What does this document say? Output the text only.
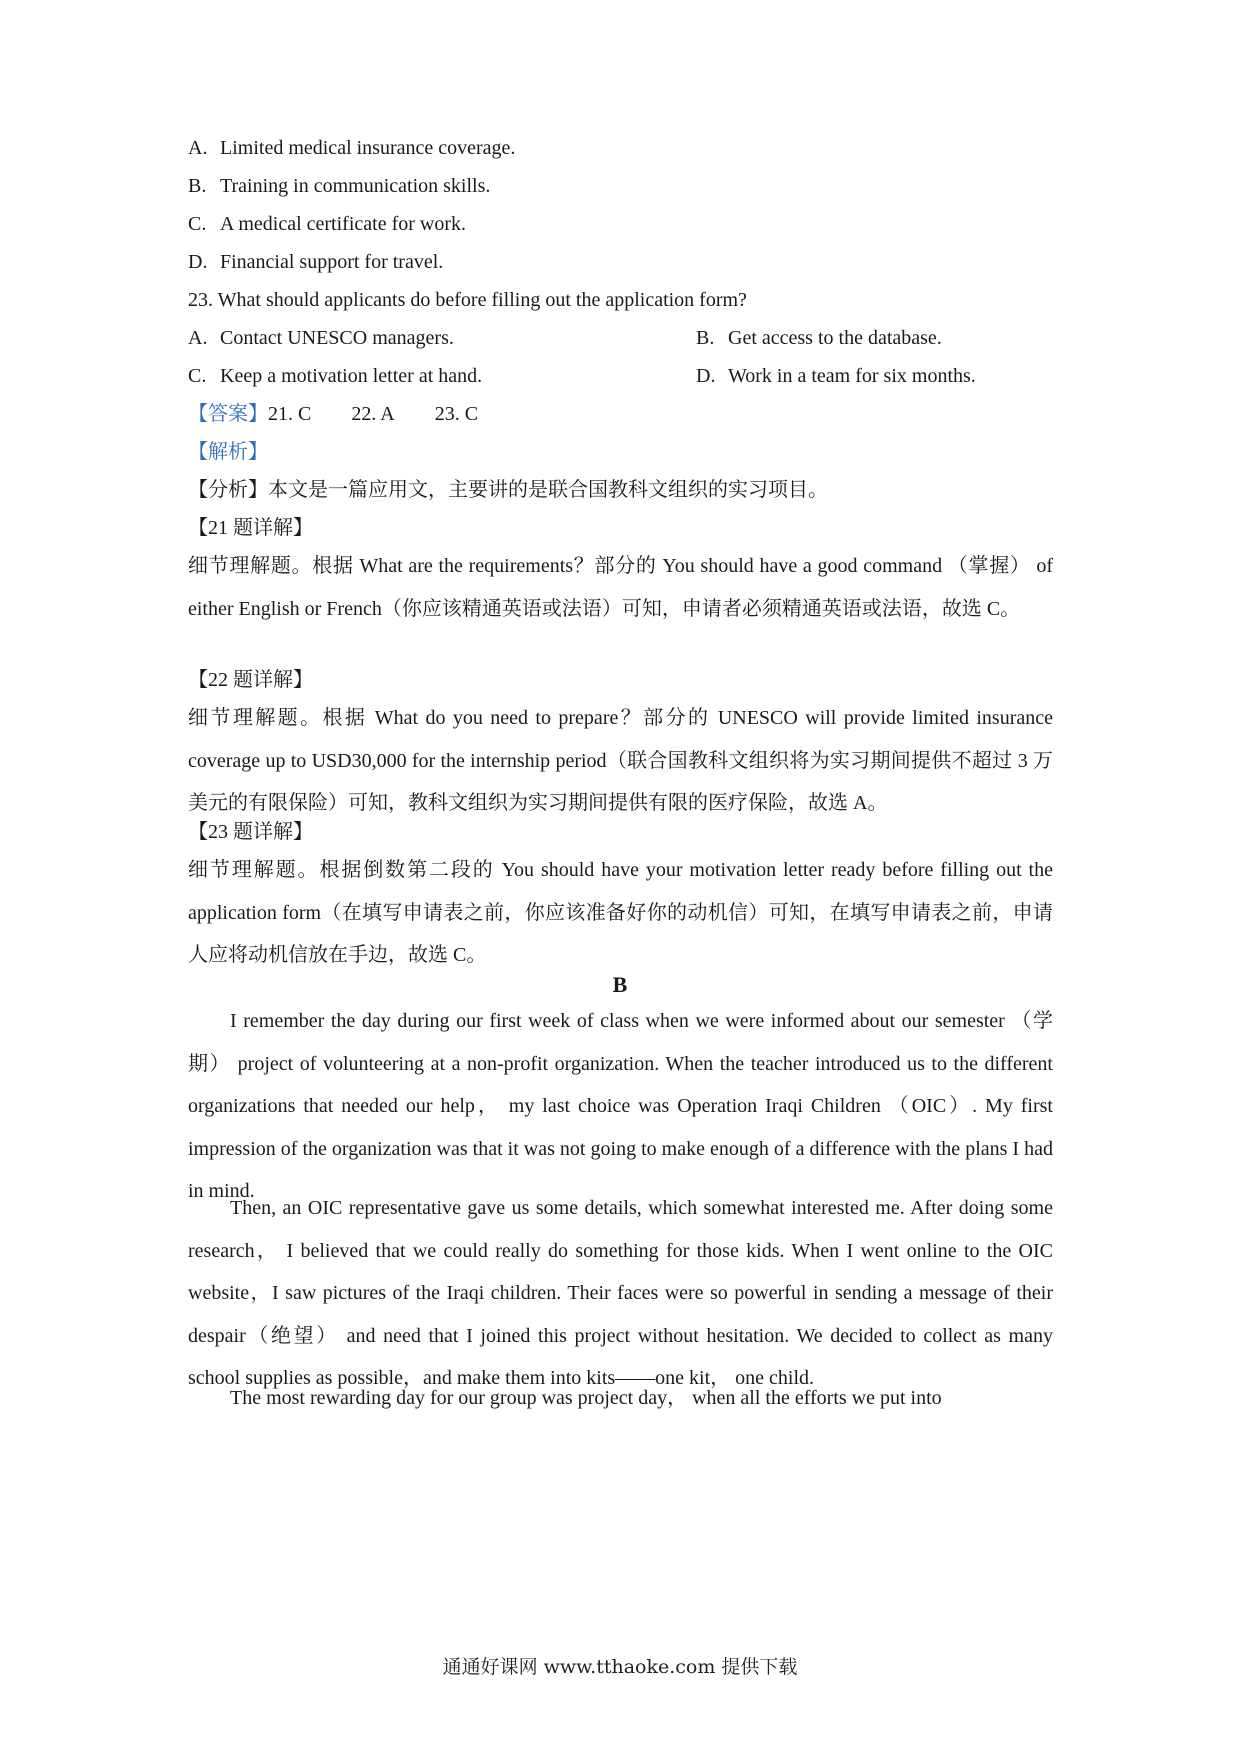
A. Limited medical insurance coverage.
B. Training in communication skills.
C. A medical certificate for work.
D. Financial support for travel.
23. What should applicants do before filling out the application form?
A. Contact UNESCO managers.	B. Get access to the database.
C. Keep a motivation letter at hand.	D. Work in a team for six months.
【答案】21. C 22. A 23. C
【解析】
【分析】本文是一篇应用文，主要讲的是联合国教科文组织的实习项目。
【21 题详解】
细节理解题。根据 What are the requirements？部分的 You should have a good command （掌握） of either English or French（你应该精通英语或法语）可知，申请者必须精通英语或法语，故选 C。
【22 题详解】
细节理解题。根据 What do you need to prepare？部分的 UNESCO will provide limited insurance coverage up to USD30,000 for the internship period（联合国教科文组织将为实习期间提供不超过 3 万美元的有限保险）可知，教科文组织为实习期间提供有限的医疗保险，故选 A。
【23 题详解】
细节理解题。根据倒数第二段的 You should have your motivation letter ready before filling out the application form（在填写申请表之前，你应该准备好你的动机信）可知，在填写申请表之前，申请人应将动机信放在手边，故选 C。
B
I remember the day during our first week of class when we were informed about our semester （学期） project of volunteering at a non-profit organization. When the teacher introduced us to the different organizations that needed our help， my last choice was Operation Iraqi Children （OIC）. My first impression of the organization was that it was not going to make enough of a difference with the plans I had in mind.
Then, an OIC representative gave us some details, which somewhat interested me. After doing some research， I believed that we could really do something for those kids. When I went online to the OIC website，I saw pictures of the Iraqi children. Their faces were so powerful in sending a message of their despair（绝望） and need that I joined this project without hesitation. We decided to collect as many school supplies as possible，and make them into kits——one kit， one child.
The most rewarding day for our group was project day， when all the efforts we put into
通通好课网 www.tthaoke.com 提供下载
